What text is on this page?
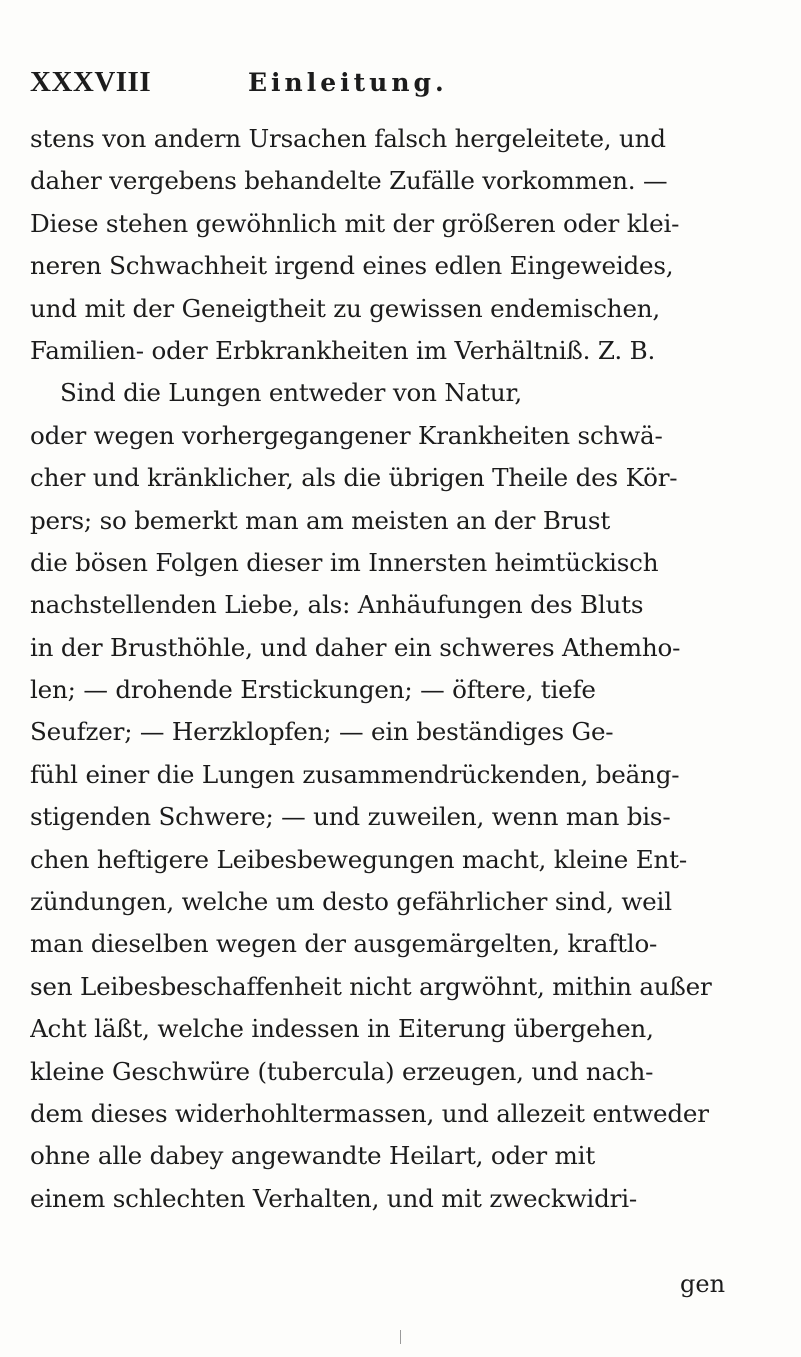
XXXVIII	Einleitung.
stens von andern Ursachen falsch hergeleitete, und
daher vergebens behandelte Zufälle vorkommen. —
Diese stehen gewöhnlich mit der größeren oder klei-
neren Schwachheit irgend eines edlen Eingeweides,
und mit der Geneigtheit zu gewissen endemischen,
Familien- oder Erbkrankheiten im Verhältniß. Z. B.
Sind die Lungen entweder von Natur,
oder wegen vorhergegangener Krankheiten schwä-
cher und kränklicher, als die übrigen Theile des Kör-
pers; so bemerkt man am meisten an der Brust
die bösen Folgen dieser im Innersten heimtückisch
nachstellenden Liebe, als: Anhäufungen des Bluts
in der Brusthöhle, und daher ein schweres Athemho-
len; — drohende Erstickungen; — öftere, tiefe
Seufzer; — Herzklopfen; — ein beständiges Ge-
fühl einer die Lungen zusammendrückenden, beäng-
stigenden Schwere; — und zuweilen, wenn man bis-
chen heftigere Leibesbewegungen macht, kleine Ent-
zündungen, welche um desto gefährlicher sind, weil
man dieselben wegen der ausgemärgelten, kraftlo-
sen Leibesbeschaffenheit nicht argwöhnt, mithin außer
Acht läßt, welche indessen in Eiterung übergehen,
kleine Geschwüre (tubercula) erzeugen, und nach-
dem dieses widerhohltermassen, und allezeit entweder
ohne alle dabey angewandte Heilart, oder mit
einem schlechten Verhalten, und mit zweckwidri-
gen
